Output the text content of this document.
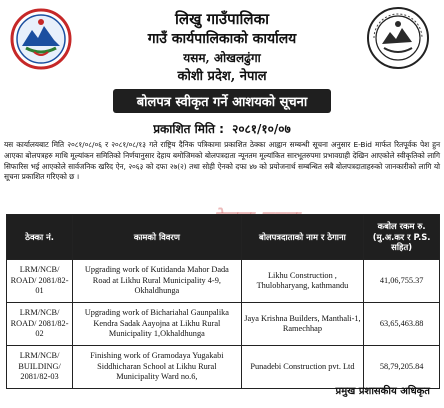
लिखु गाउँपालिका
गाउँ कार्यपालिकाको कार्यालय
यसम, ओखलढुंगा
कोशी प्रदेश, नेपाल
बोलपत्र स्वीकृत गर्ने आशयको सूचना
प्रकाशित मिति : २०८१/१०/०७
यस कार्यालयबाट मिति २०८१/०८/०६ र २०८१/०८/१३ गते राष्ट्रिय दैनिक पत्रिकामा प्रकाशित ठेक्का आह्वान सम्बन्धी सूचना अनुसार E-Bid मार्फत रितपूर्वक पेश हुन आएका बोलपत्रहरु माथि मूल्यांकन समितिको निर्णयानुसार देहाय बमोजिमको बोलपत्रदाता न्यूनतम मूल्यांकित सारभूतरुपमा प्रभावग्राही देखिन आएकोले स्वीकृतिको लागि सिफारिस भई आएकोले सार्वजनिक खरिद ऐन, २०६३ को दफा २७(२) तथा सोही ऐनको दफा ४७ को प्रयोजनार्थ सम्बन्धित सबै बोलपत्रदाताहरुको जानकारीको लागि यो सूचना प्रकाशित गरिएको छ ।
ठेक्का नं.	कामको विवरण	बोलपत्रदाताको नाम र ठेगाना	कबोल रकम रु. (मु.अ.कर र P.S. सहित)
LRM/NCB/ ROAD/ 2081/82-01	Upgrading work of Kutidanda Mahor Dada Road at Likhu Rural Municipality 4-9, Okhaldhunga	Likhu Construction , Thulobharyang, kathmandu	41,06,755.37
LRM/NCB/ ROAD/ 2081/82-02	Upgrading work of Bichariahal Gaunpalika Kendra Sadak Aayojna at Likhu Rural Municipality 1,Okhaldhunga	Jaya Krishna Builders, Manthali-1, Ramechhap	63,65,463.88
LRM/NCB/ BUILDING/ 2081/82-03	Finishing work of Gramodaya Yugakabi Siddhicharan School at Likhu Rural Municipality Ward no.6,	Punadebi Construction pvt. Ltd	58,79,205.84
प्रमुख प्रशासकीय अधिकृत
